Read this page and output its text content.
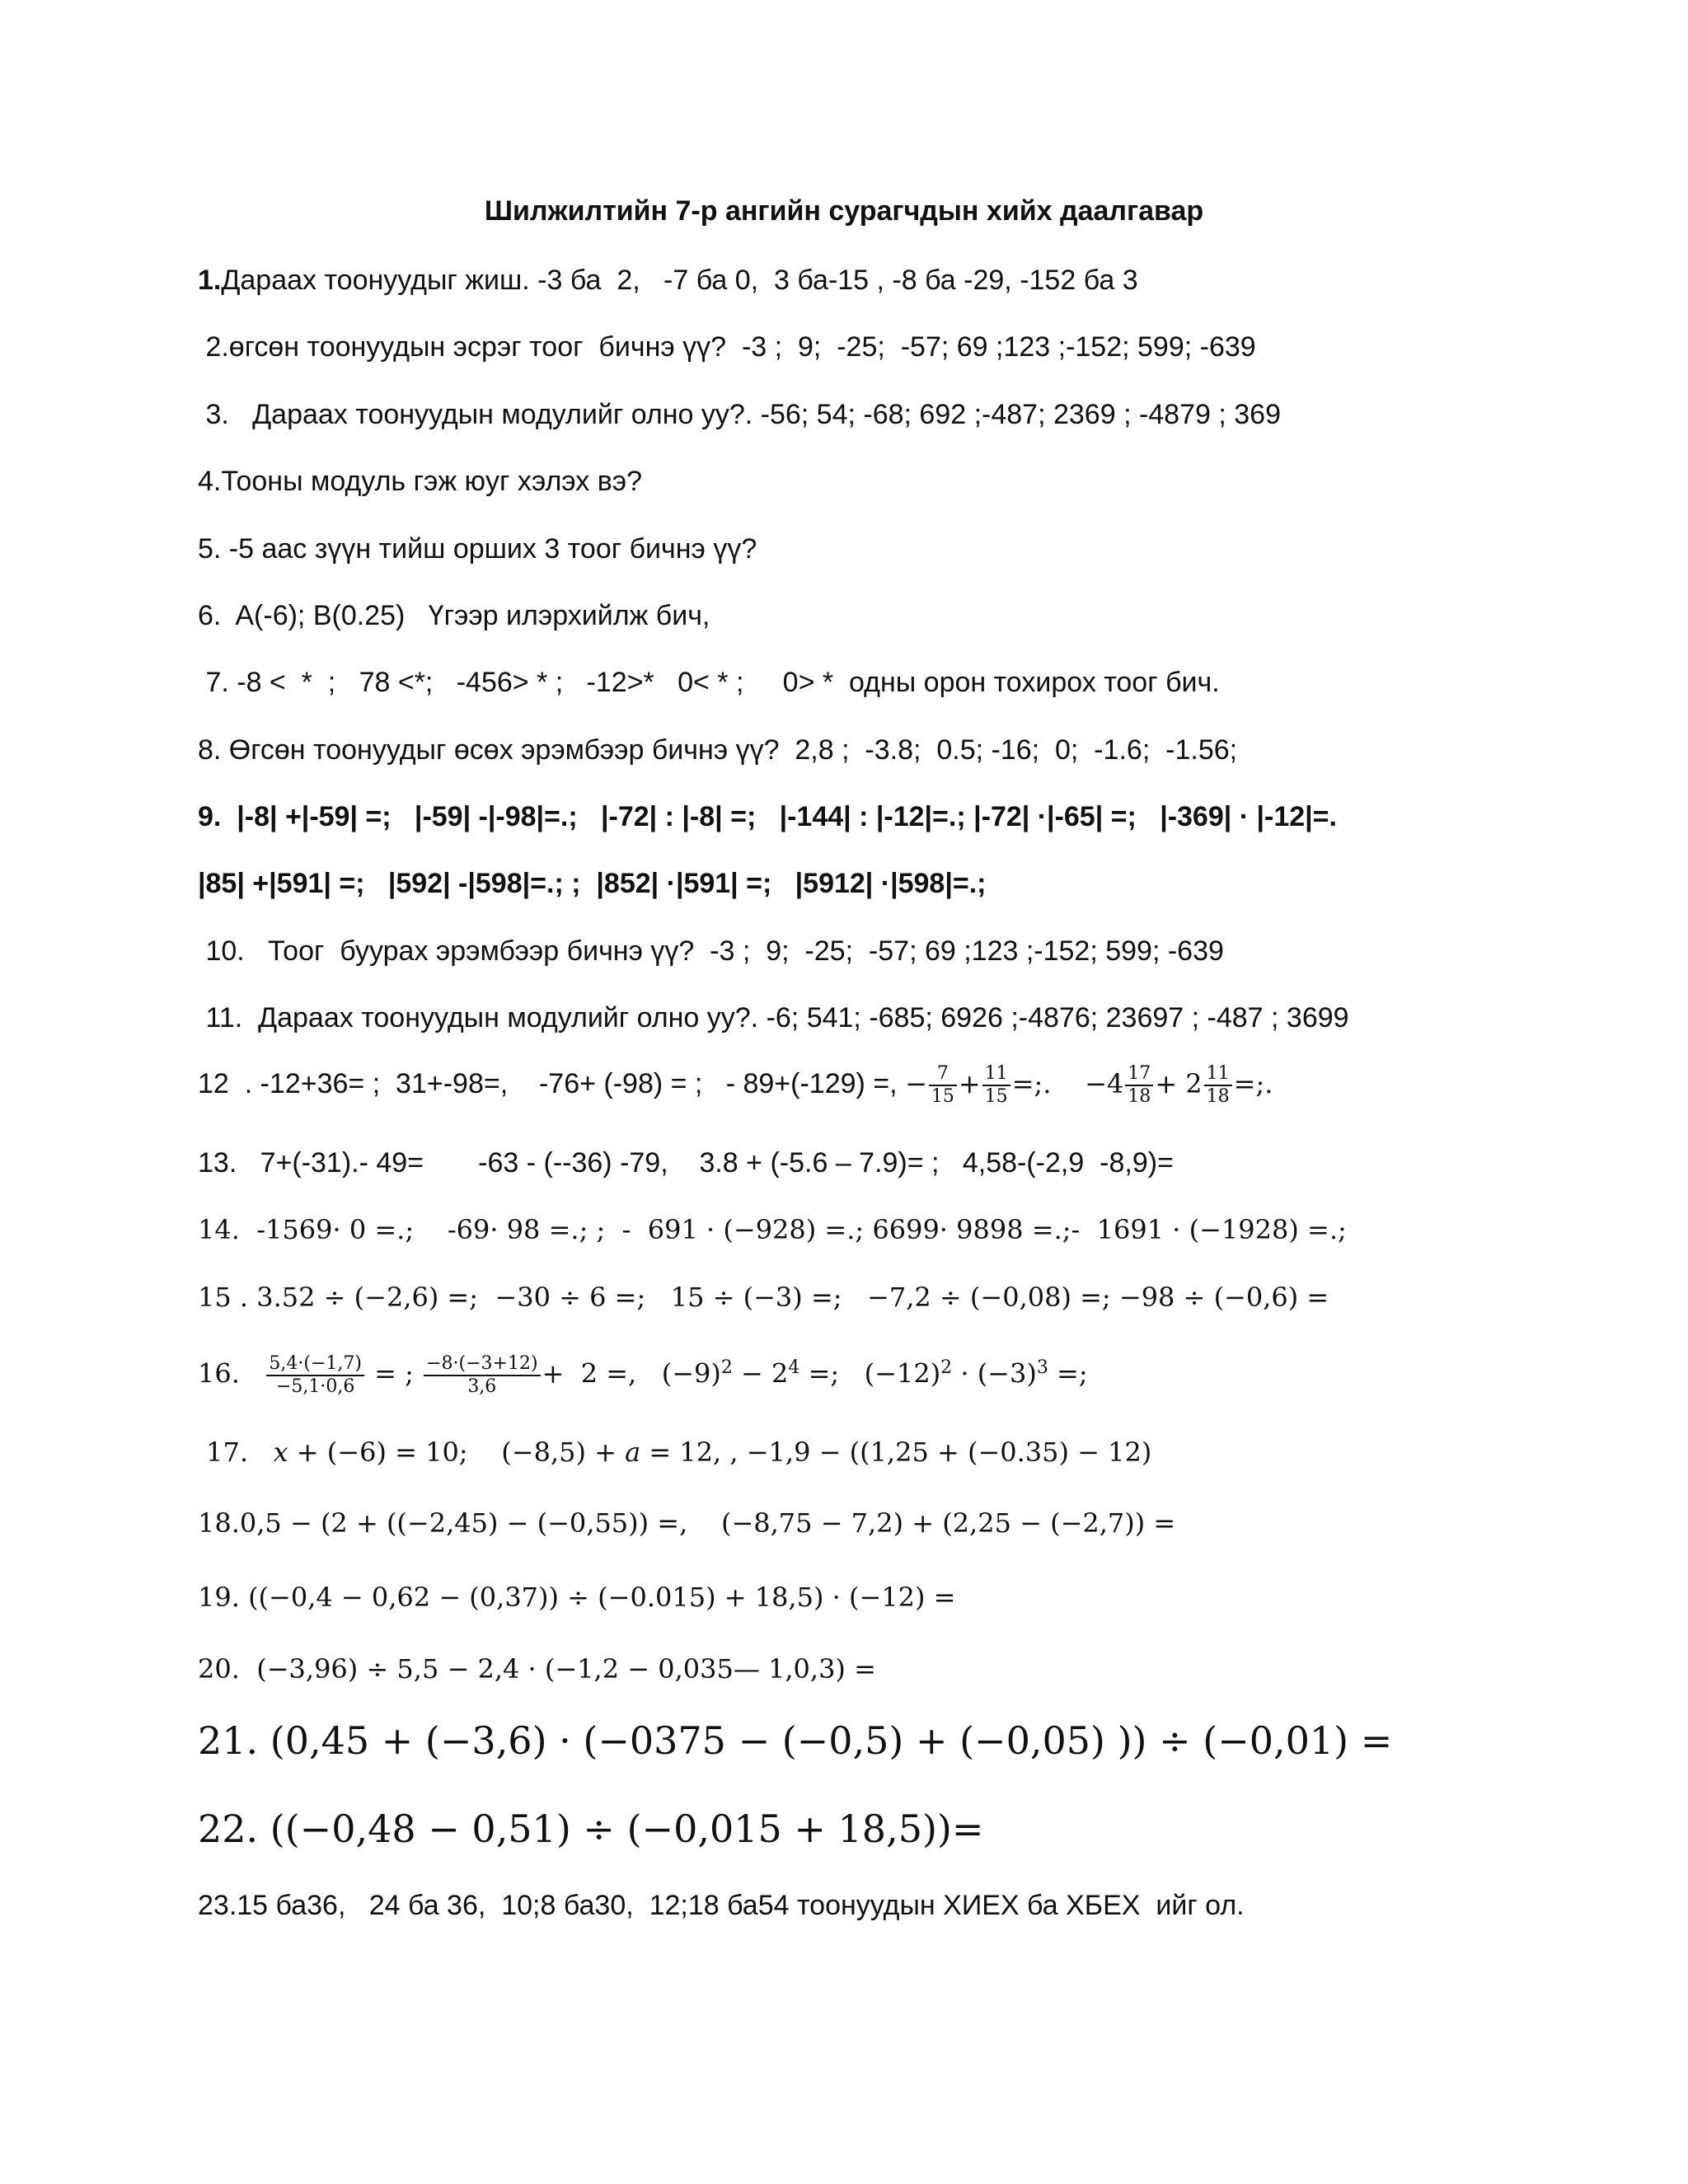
Шилжилтийн 7-р ангийн сурагчдын хийх даалгавар
1.Дараах тоонуудыг жиш. -3 ба  2,   -7 ба 0,  3 ба-15 , -8 ба -29, -152 ба 3
2.өгсөн тоонуудын эсрэг тоог  бичнэ үү?  -3 ;  9;  -25;  -57; 69 ;123 ;-152; 599; -639
3.   Дараах тоонуудын модулийг олно уу?. -56; 54; -68; 692 ;-487; 2369 ; -4879 ; 369
4.Тооны модуль гэж юуг хэлэх вэ?
5. -5 аас зүүн тийш орших 3 тоог бичнэ үү?
6.  A(-6); B(0.25)   Үгээр илэрхийлж бич,
7. -8 <  *  ;   78 <*;   -456> * ;   -12>*   0< * ;     0> *  одны орон тохирох тоог бич.
8. Өгсөн тоонуудыг өсөх эрэмбээр бичнэ үү?  2,8 ;  -3.8;  0.5; -16;  0;  -1.6;  -1.56;
9.  |-8| +|-59| =;   |-59| -|-98|=.;   |-72| : |-8| =;   |-144| : |-12|=.; |-72| ·|-65| =;   |-369| · |-12|=.
|85| +|591| =;   |592| -|598|=.; ;  |852| ·|591| =;   |5912| ·|598|=.;
10.   Тоог  буурах эрэмбээр бичнэ үү?  -3 ;  9;  -25;  -57; 69 ;123 ;-152; 599; -639
11.  Дараах тоонуудын модулийг олно уу?. -6; 541; -685; 6926 ;-4876; 23697 ; -487 ; 3699
12  . -12+36= ;  31+-98=,    -76+ (-98) = ;   - 89+(-129) =, − $\frac{7}{15} + \frac{11}{15}$ =;.    $-4 \frac{17}{18} + 2 \frac{11}{18}$ =;.
13.   7+(-31).- 49=       -63 - (--36) -79,    3.8 + (-5.6 – 7.9)= ;   4,58-(-2,9  -8,9)=
14.  -1569· 0 =.;    -69· 98 =.; ;  -  691 · (−928) =.; 6699· 9898 =.;-  1691 · (−1928) =.;
15 . 3.52 ÷ (−2,6) =;  −30 ÷ 6 =;   15 ÷ (−3) =;   −7,2 ÷ (−0,08) =; −98 ÷ (−0,6) =
16. $\frac{5,4\cdot(-1,7)}{-5,1\cdot 0,6}$ = ; $\frac{-8\cdot(-3+12)}{3,6} + 2$ =,   $(-9)^2 - 2^4$ =;   $(-12)^2 \cdot (-3)^3$ =;
17.   𝑥 + (−6) = 10;    (−8,5) + 𝑎 = 12, , −1,9 − ((1,25 + (−0.35) − 12)
18.0,5 − (2 + ((−2,45) − (−0,55)) =,    (−8,75 − 7,2) + (2,25 − (−2,7)) =
19. ((−0,4 − 0,62 − (0,37)) ÷ (−0.015) + 18,5) · (−12) =
20.  (−3,96) ÷ 5,5 − 2,4 · (−1,2 − 0,035— 1,0,3) =
21. (0,45 + (−3,6) · (−0375 − (−0,5) + (−0,05) )) ÷ (−0,01) =
22. ((−0,48 − 0,51) ÷ (−0,015 + 18,5))=
23.15 ба36,   24 ба 36,  10;8 ба30,  12;18 ба54 тоонуудын ХИЕХ ба ХБЕХ  ийг ол.
